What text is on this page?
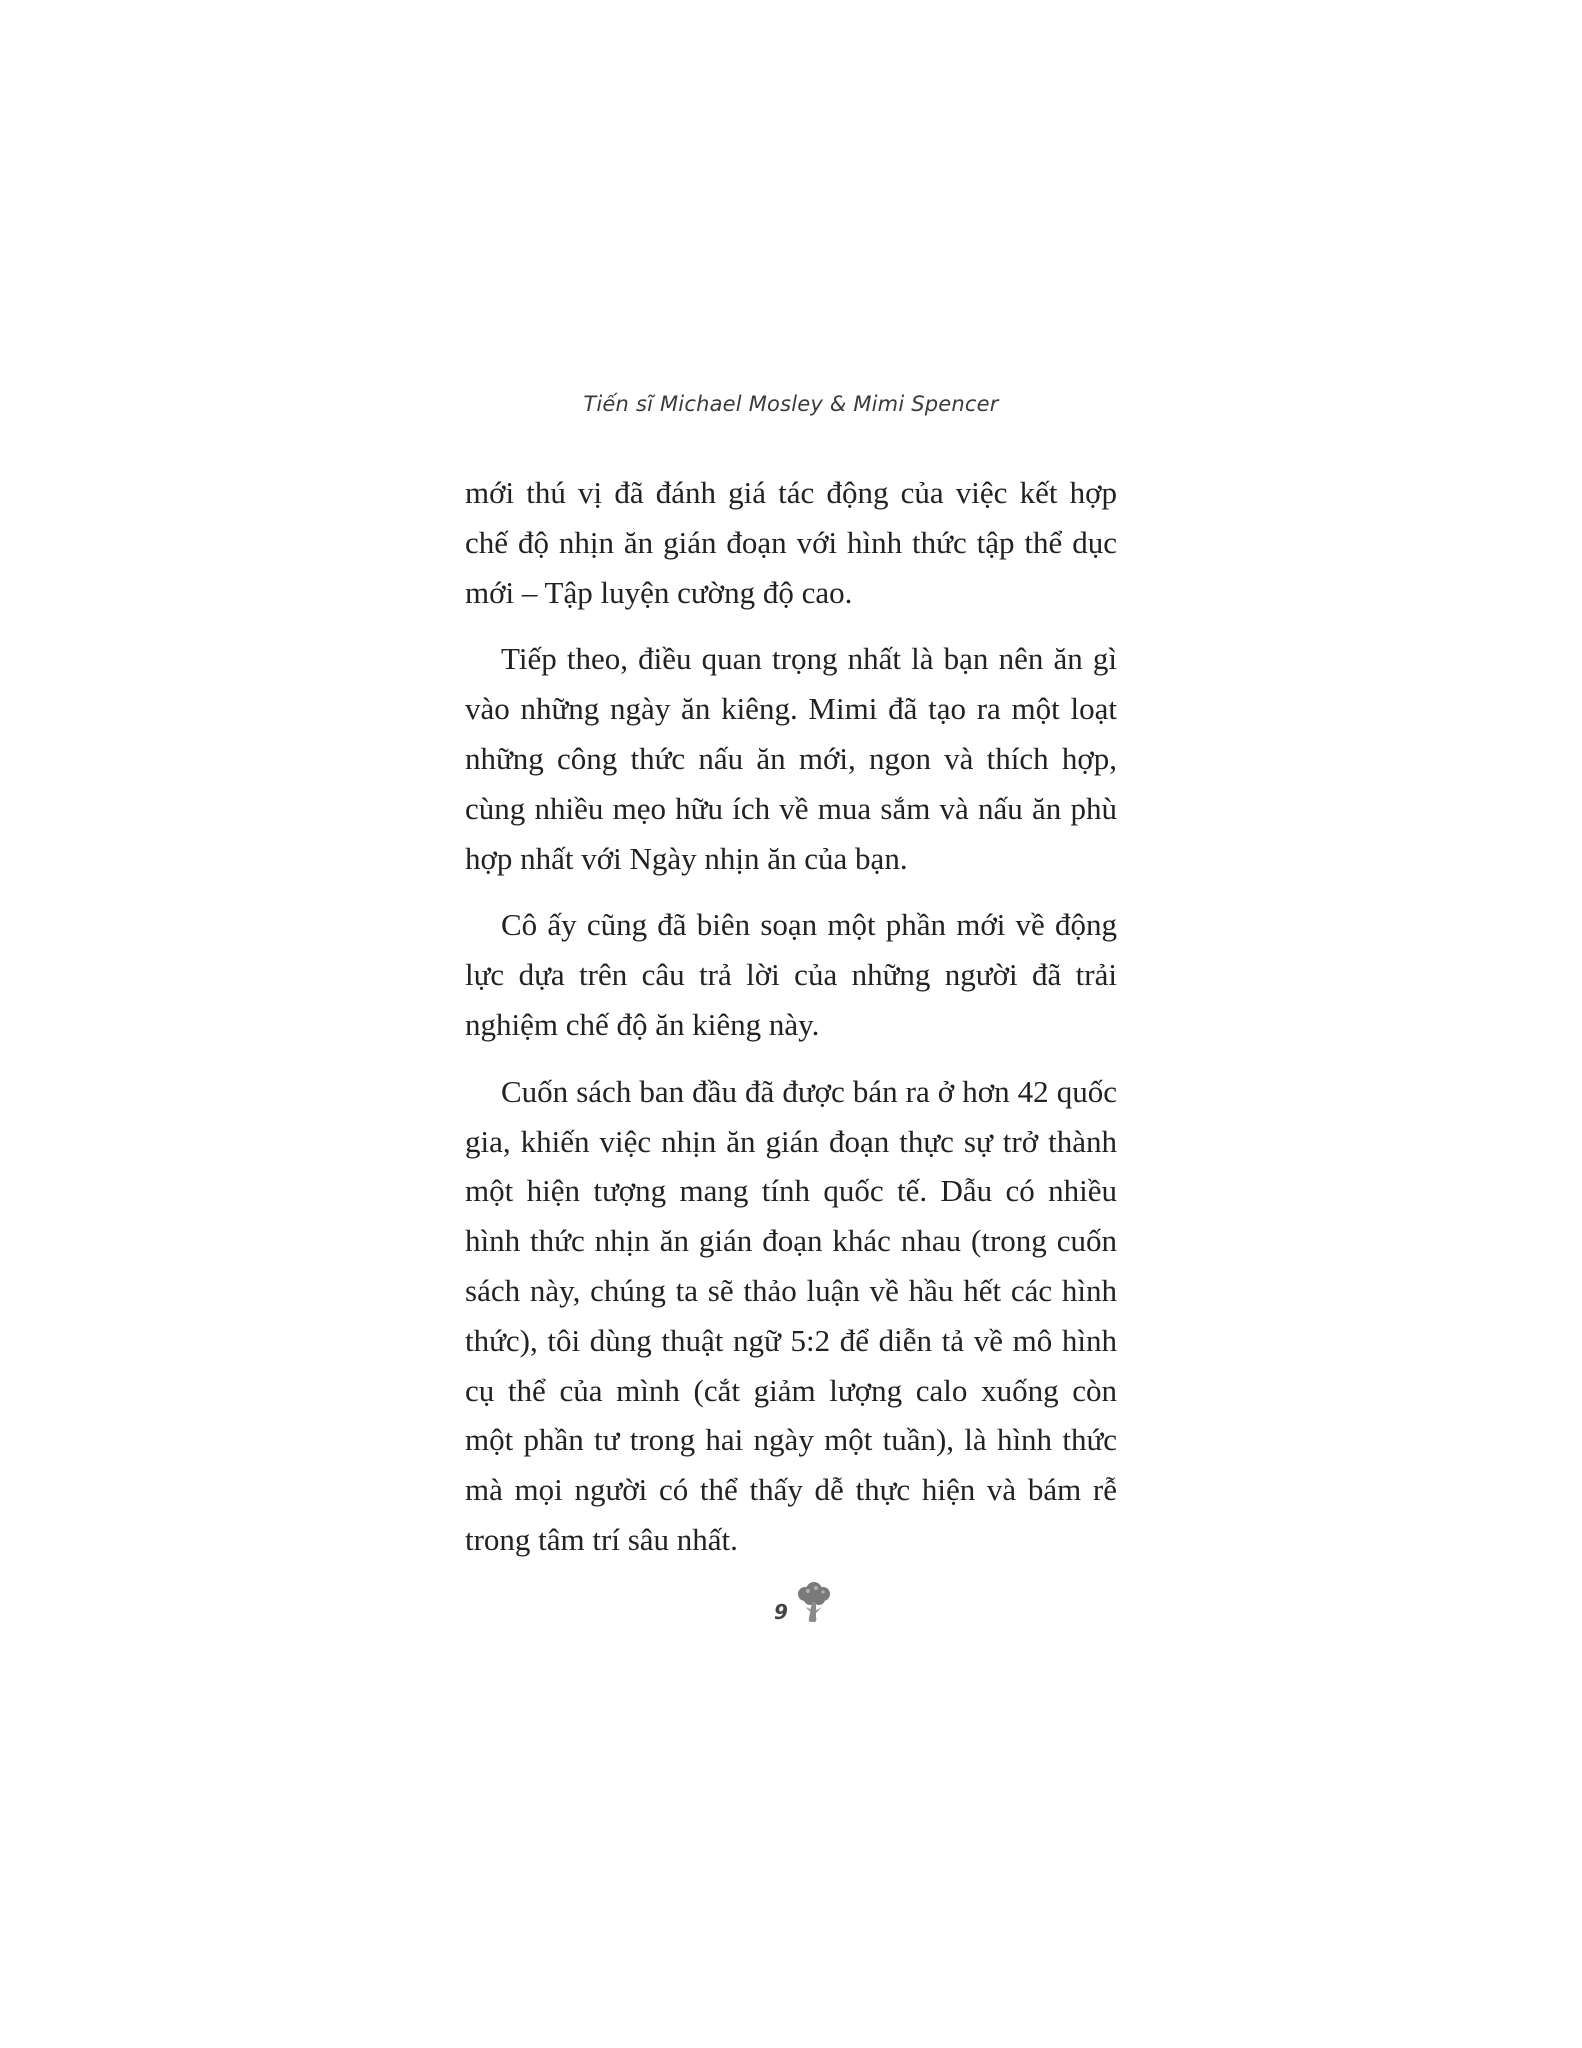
Tiến sĩ Michael Mosley & Mimi Spencer

mới thú vị đã đánh giá tác động của việc kết hợp chế độ nhịn ăn gián đoạn với hình thức tập thể dục mới – Tập luyện cường độ cao.

Tiếp theo, điều quan trọng nhất là bạn nên ăn gì vào những ngày ăn kiêng. Mimi đã tạo ra một loạt những công thức nấu ăn mới, ngon và thích hợp, cùng nhiều mẹo hữu ích về mua sắm và nấu ăn phù hợp nhất với Ngày nhịn ăn của bạn.

Cô ấy cũng đã biên soạn một phần mới về động lực dựa trên câu trả lời của những người đã trải nghiệm chế độ ăn kiêng này.

Cuốn sách ban đầu đã được bán ra ở hơn 42 quốc gia, khiến việc nhịn ăn gián đoạn thực sự trở thành một hiện tượng mang tính quốc tế. Dẫu có nhiều hình thức nhịn ăn gián đoạn khác nhau (trong cuốn sách này, chúng ta sẽ thảo luận về hầu hết các hình thức), tôi dùng thuật ngữ 5:2 để diễn tả về mô hình cụ thể của mình (cắt giảm lượng calo xuống còn một phần tư trong hai ngày một tuần), là hình thức mà mọi người có thể thấy dễ thực hiện và bám rễ trong tâm trí sâu nhất.

9
